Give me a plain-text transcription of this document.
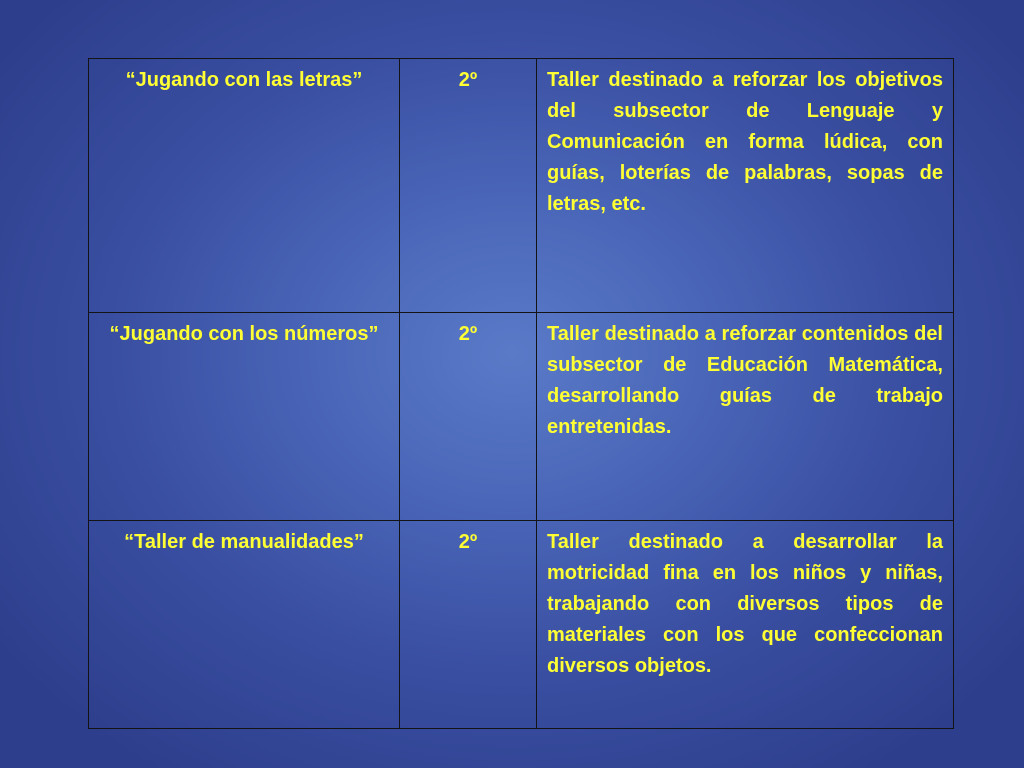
“Jugando con las letras”	2º	Taller destinado a reforzar los objetivos del subsector de Lenguaje y Comunicación en forma lúdica, con guías, loterías de palabras, sopas de letras, etc.
“Jugando con los números”	2º	Taller destinado a reforzar contenidos del subsector de Educación Matemática, desarrollando guías de trabajo entretenidas.
“Taller de manualidades”	2º	Taller destinado a desarrollar la motricidad fina en los niños y niñas, trabajando con diversos tipos de materiales con los que confeccionan diversos objetos.
